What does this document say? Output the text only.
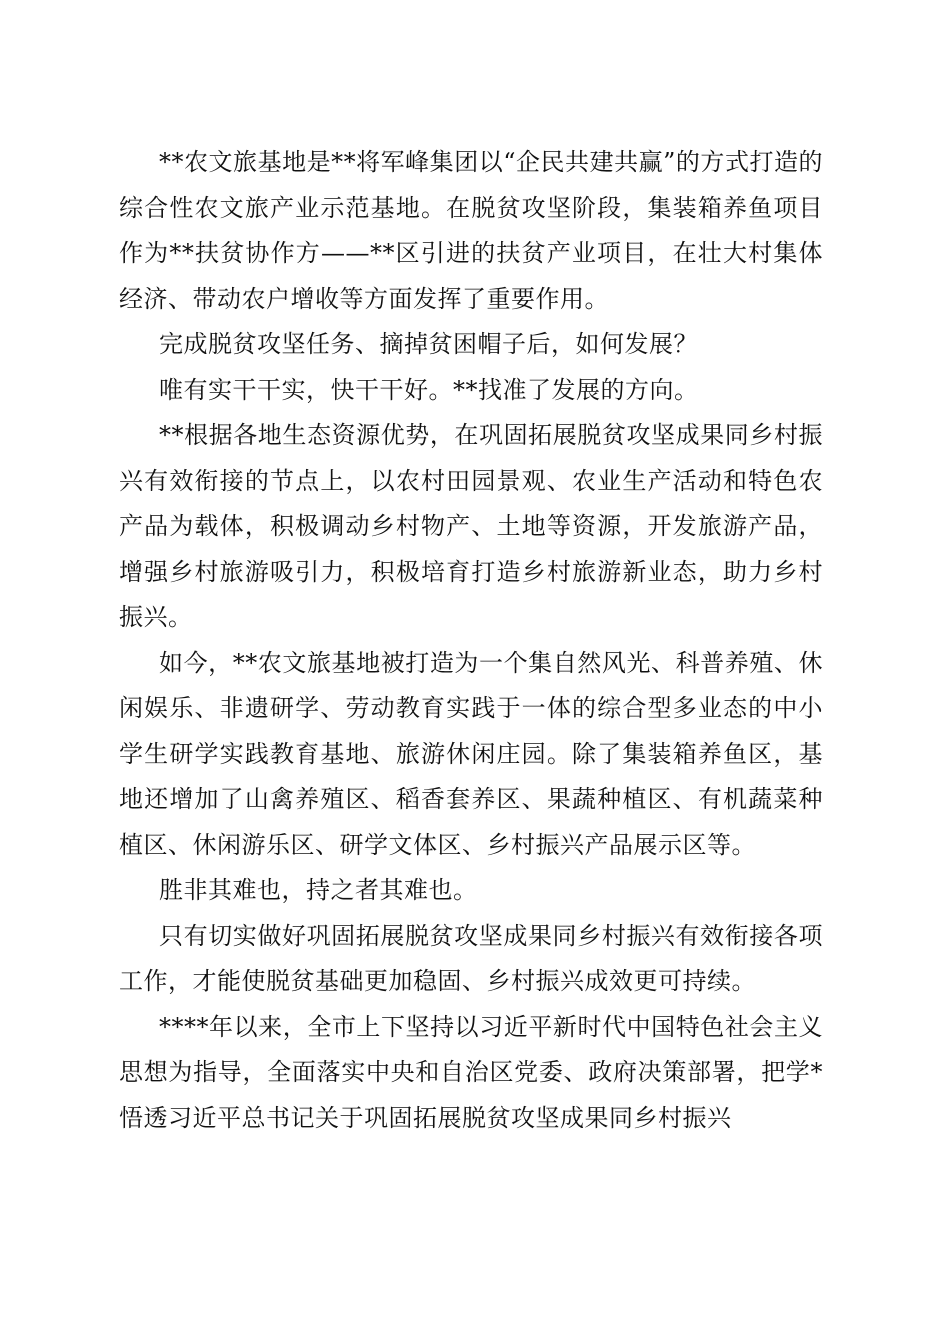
**农文旅基地是**将军峰集团以“企民共建共赢”的方式打造的综合性农文旅产业示范基地。在脱贫攻坚阶段，集装箱养鱼项目作为**扶贫协作方——**区引进的扶贫产业项目，在壮大村集体经济、带动农户增收等方面发挥了重要作用。

完成脱贫攻坚任务、摘掉贫困帽子后，如何发展？

唯有实干干实，快干干好。**找准了发展的方向。

**根据各地生态资源优势，在巩固拓展脱贫攻坚成果同乡村振兴有效衔接的节点上，以农村田园景观、农业生产活动和特色农产品为载体，积极调动乡村物产、土地等资源，开发旅游产品，增强乡村旅游吸引力，积极培育打造乡村旅游新业态，助力乡村振兴。

如今，**农文旅基地被打造为一个集自然风光、科普养殖、休闲娱乐、非遗研学、劳动教育实践于一体的综合型多业态的中小学生研学实践教育基地、旅游休闲庄园。除了集装箱养鱼区，基地还增加了山禽养殖区、稻香套养区、果蔬种植区、有机蔬菜种植区、休闲游乐区、研学文体区、乡村振兴产品展示区等。

胜非其难也，持之者其难也。

只有切实做好巩固拓展脱贫攻坚成果同乡村振兴有效衔接各项工作，才能使脱贫基础更加稳固、乡村振兴成效更可持续。

****年以来，全市上下坚持以习近平新时代中国特色社会主义思想为指导，全面落实中央和自治区党委、政府决策部署，把学*悟透习近平总书记关于巩固拓展脱贫攻坚成果同乡村振兴
